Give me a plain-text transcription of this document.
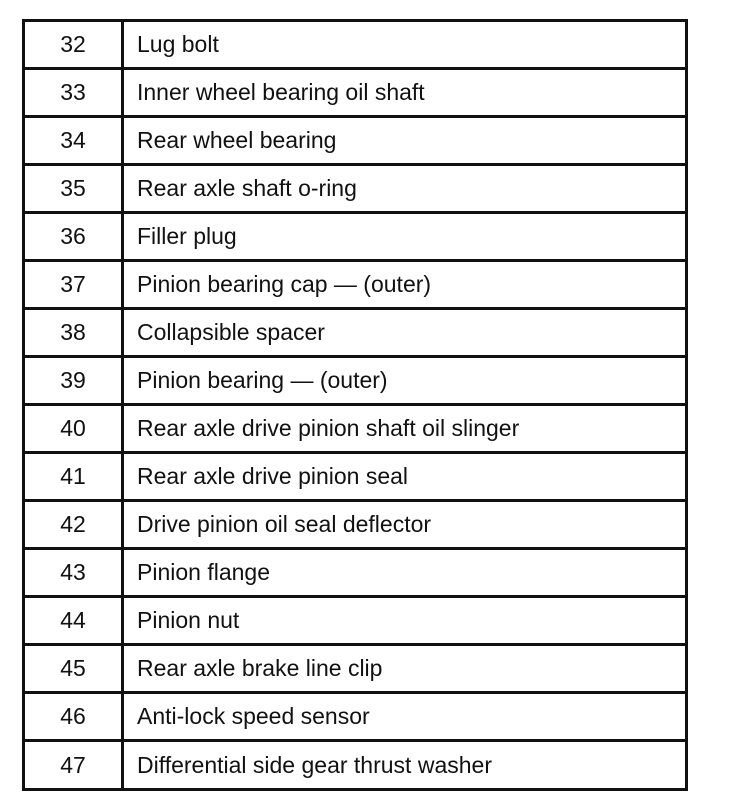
32	Lug bolt
33	Inner wheel bearing oil shaft
34	Rear wheel bearing
35	Rear axle shaft o-ring
36	Filler plug
37	Pinion bearing cap — (outer)
38	Collapsible spacer
39	Pinion bearing — (outer)
40	Rear axle drive pinion shaft oil slinger
41	Rear axle drive pinion seal
42	Drive pinion oil seal deflector
43	Pinion flange
44	Pinion nut
45	Rear axle brake line clip
46	Anti-lock speed sensor
47	Differential side gear thrust washer
